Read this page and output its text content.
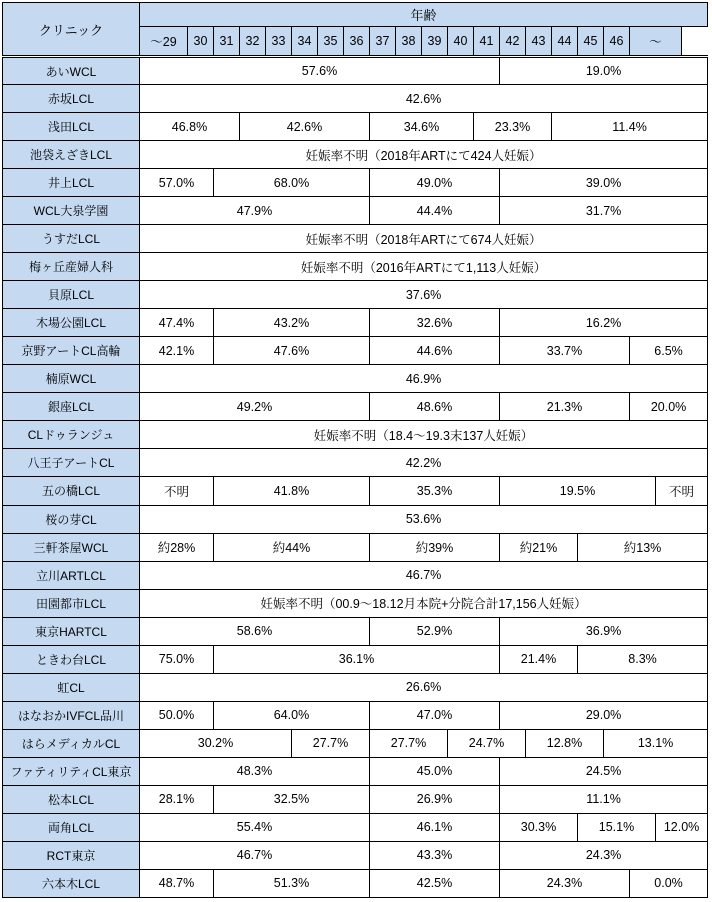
クリニック	年齢																			
	～29	30	31	32	33	34	35	36	37	38	39	40	41	42	43	44	45	46	～	
あいWCL	57.6%													19.0%						
赤坂LCL	42.6%																			
浅田LCL	46.8%			42.6%					34.6%				23.3%			11.4%				
池袋えざきLCL	妊娠率不明（2018年ARTにて424人妊娠）																			
井上LCL	57.0%		68.0%						49.0%					39.0%						
WCL大泉学園	47.9%								44.4%					31.7%						
うすだLCL	妊娠率不明（2018年ARTにて674人妊娠）																			
梅ヶ丘産婦人科	妊娠率不明（2016年ARTにて1,113人妊娠）																			
貝原LCL	37.6%																			
木場公園LCL	47.4%		43.2%						32.6%					16.2%						
京野アートCL高輪	42.1%		47.6%						44.6%					33.7%					6.5%	
楠原WCL	46.9%																			
銀座LCL	49.2%								48.6%					21.3%					20.0%	
CLドゥランジュ	妊娠率不明（18.4～19.3末137人妊娠）																			
八王子アートCL	42.2%																			
五の橋LCL	不明		41.8%						35.3%					19.5%						不明
桜の芽CL	53.6%																			
三軒茶屋WCL	約28%		約44%						約39%					約21%			約13%			
立川ARTLCL	46.7%																			
田園都市LCL	妊娠率不明（00.9～18.12月本院+分院合計17,156人妊娠）																			
東京HARTCL	58.6%								52.9%					36.9%						
ときわ台LCL	75.0%		36.1%											21.4%			8.3%			
虹CL	26.6%																			
はなおかIVFCL品川	50.0%		64.0%						47.0%					29.0%						
はらメディカルCL	30.2%					27.7%			27.7%			24.7%			12.8%			13.1%		
ファティリティCL東京	48.3%								45.0%					24.5%						
松本LCL	28.1%		32.5%						26.9%					11.1%						
両角LCL	55.4%								46.1%					30.3%			15.1%			12.0%
RCT東京	46.7%								43.3%					24.3%						
六本木LCL	48.7%		51.3%						42.5%					24.3%					0.0%	
